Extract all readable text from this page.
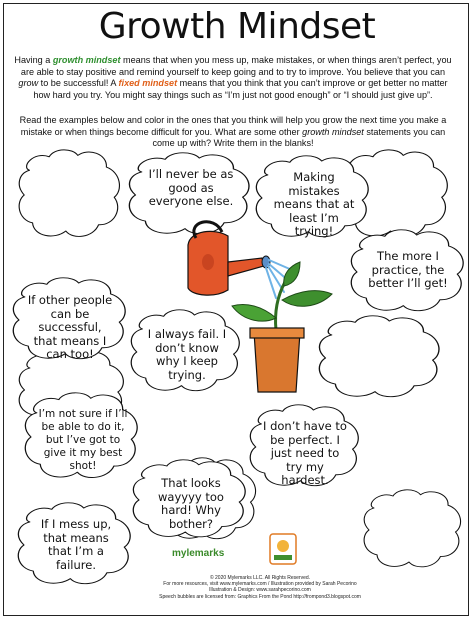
Growth Mindset
Having a growth mindset means that when you mess up, make mistakes, or when things aren’t perfect, you are able to stay positive and remind yourself to keep going and to try to improve. You believe that you can grow to be successful! A fixed mindset means that you think that you can’t improve or get better no matter how hard you try. You might say things such as “I’m just not good enough” or “I should just give up”.
Read the examples below and color in the ones that you think will help you grow the next time you make a mistake or when things become difficult for you. What are some other growth mindset statements you can come up with? Write them in the blanks!
I’ll never be as good as everyone else.
Making mistakes means that at least I’m trying!
The more I practice, the better I’ll get!
If other people can be successful, that means I can too!
I always fail. I don’t know why I keep trying.
I’m not sure if I’ll be able to do it, but I’ve got to give it my best shot!
I don’t have to be perfect. I just need to try my hardest.
That looks wayyyy too hard! Why bother?
If I mess up, that means that I’m a failure.
mylemarks
© 2020 Mylemarks LLC. All Rights Reserved.
For more resources, visit www.mylemarks.com / Illustration provided by Sarah Pecorino
Illustration & Design: www.sarahpecorino.com
Speech bubbles are licensed from: Graphics From the Pond http://frompond3.blogspot.com
